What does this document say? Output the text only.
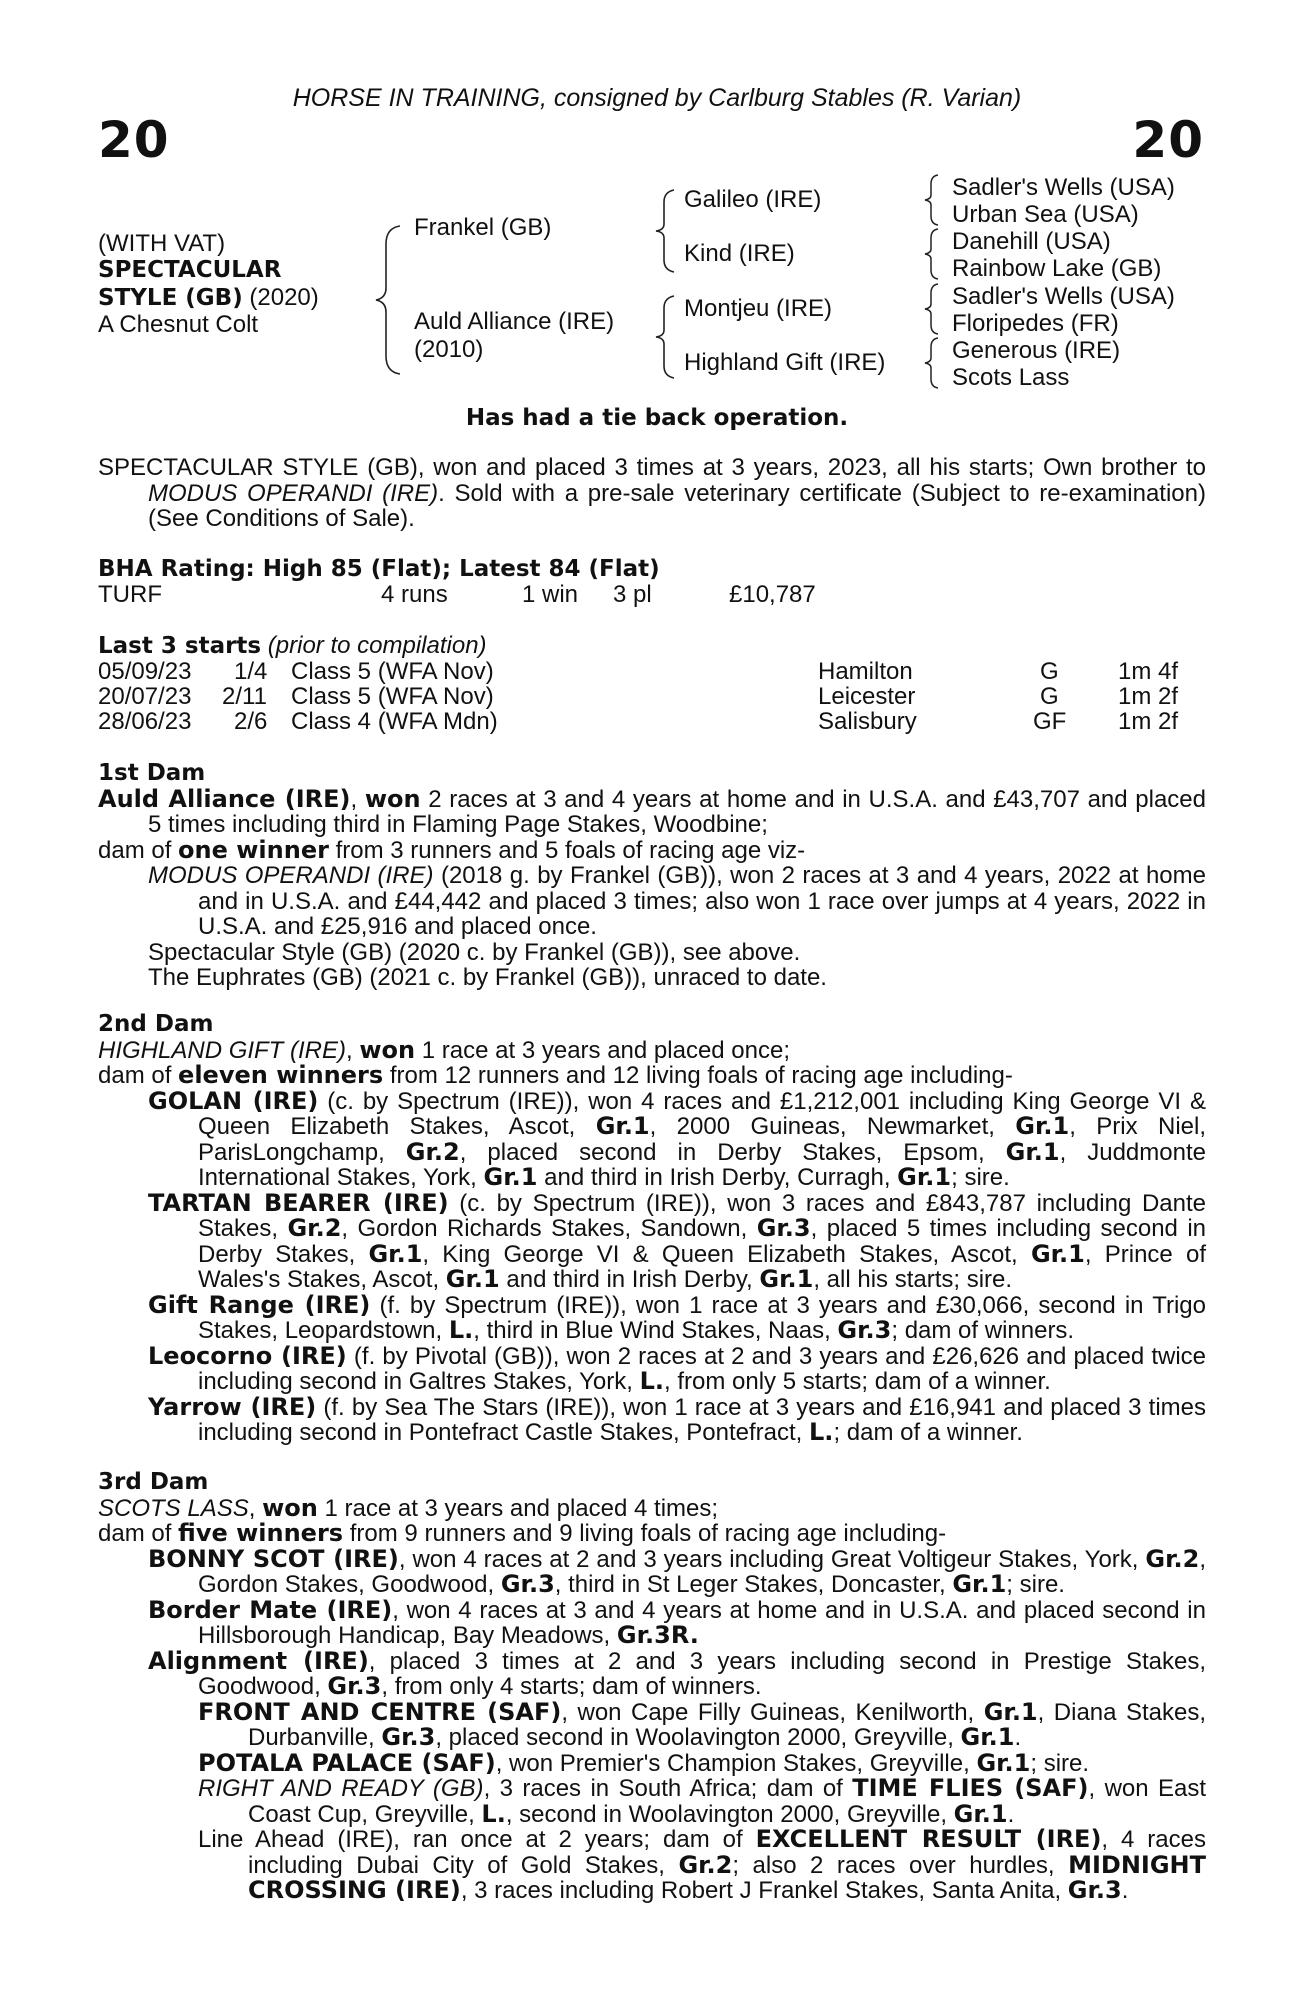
HORSE IN TRAINING, consigned by Carlburg Stables (R. Varian)
20	20
(WITH VAT)
SPECTACULAR
STYLE (GB) (2020)
A Chesnut Colt
Frankel (GB)
Auld Alliance (IRE)
(2010)
Galileo (IRE)
Kind (IRE)
Montjeu (IRE)
Highland Gift (IRE)
Sadler's Wells (USA)
Urban Sea (USA)
Danehill (USA)
Rainbow Lake (GB)
Sadler's Wells (USA)
Floripedes (FR)
Generous (IRE)
Scots Lass
Has had a tie back operation.

SPECTACULAR STYLE (GB), won and placed 3 times at 3 years, 2023, all his starts; Own brother to MODUS OPERANDI (IRE). Sold with a pre-sale veterinary certificate (Subject to re-examination) (See Conditions of Sale).

BHA Rating: High 85 (Flat); Latest 84 (Flat)
TURF	4 runs	1 win 3 pl	£10,787
Last 3 starts (prior to compilation)
05/09/23 1/4 Class 5 (WFA Nov)	Hamilton	G 1m 4f
20/07/23 2/11 Class 5 (WFA Nov)	Leicester	G 1m 2f
28/06/23 2/6 Class 4 (WFA Mdn)	Salisbury	GF 1m 2f

1st Dam

Auld Alliance (IRE), won 2 races at 3 and 4 years at home and in U.S.A. and £43,707 and placed 5 times including third in Flaming Page Stakes, Woodbine;

dam of one winner from 3 runners and 5 foals of racing age viz-

MODUS OPERANDI (IRE) (2018 g. by Frankel (GB)), won 2 races at 3 and 4 years, 2022 at home and in U.S.A. and £44,442 and placed 3 times; also won 1 race over jumps at 4 years, 2022 in U.S.A. and £25,916 and placed once.

Spectacular Style (GB) (2020 c. by Frankel (GB)), see above.

The Euphrates (GB) (2021 c. by Frankel (GB)), unraced to date.

2nd Dam

HIGHLAND GIFT (IRE), won 1 race at 3 years and placed once;

dam of eleven winners from 12 runners and 12 living foals of racing age including-

GOLAN (IRE) (c. by Spectrum (IRE)), won 4 races and £1,212,001 including King George VI & Queen Elizabeth Stakes, Ascot, Gr.1, 2000 Guineas, Newmarket, Gr.1, Prix Niel, ParisLongchamp, Gr.2, placed second in Derby Stakes, Epsom, Gr.1, Juddmonte International Stakes, York, Gr.1 and third in Irish Derby, Curragh, Gr.1; sire.

TARTAN BEARER (IRE) (c. by Spectrum (IRE)), won 3 races and £843,787 including Dante Stakes, Gr.2, Gordon Richards Stakes, Sandown, Gr.3, placed 5 times including second in Derby Stakes, Gr.1, King George VI & Queen Elizabeth Stakes, Ascot, Gr.1, Prince of Wales's Stakes, Ascot, Gr.1 and third in Irish Derby, Gr.1, all his starts; sire.

Gift Range (IRE) (f. by Spectrum (IRE)), won 1 race at 3 years and £30,066, second in Trigo Stakes, Leopardstown, L., third in Blue Wind Stakes, Naas, Gr.3; dam of winners.

Leocorno (IRE) (f. by Pivotal (GB)), won 2 races at 2 and 3 years and £26,626 and placed twice including second in Galtres Stakes, York, L., from only 5 starts; dam of a winner.

Yarrow (IRE) (f. by Sea The Stars (IRE)), won 1 race at 3 years and £16,941 and placed 3 times including second in Pontefract Castle Stakes, Pontefract, L.; dam of a winner.

3rd Dam

SCOTS LASS, won 1 race at 3 years and placed 4 times;

dam of five winners from 9 runners and 9 living foals of racing age including-

BONNY SCOT (IRE), won 4 races at 2 and 3 years including Great Voltigeur Stakes, York, Gr.2, Gordon Stakes, Goodwood, Gr.3, third in St Leger Stakes, Doncaster, Gr.1; sire.

Border Mate (IRE), won 4 races at 3 and 4 years at home and in U.S.A. and placed second in Hillsborough Handicap, Bay Meadows, Gr.3R.

Alignment (IRE), placed 3 times at 2 and 3 years including second in Prestige Stakes, Goodwood, Gr.3, from only 4 starts; dam of winners.

FRONT AND CENTRE (SAF), won Cape Filly Guineas, Kenilworth, Gr.1, Diana Stakes, Durbanville, Gr.3, placed second in Woolavington 2000, Greyville, Gr.1.

POTALA PALACE (SAF), won Premier's Champion Stakes, Greyville, Gr.1; sire.

RIGHT AND READY (GB), 3 races in South Africa; dam of TIME FLIES (SAF), won East Coast Cup, Greyville, L., second in Woolavington 2000, Greyville, Gr.1.

Line Ahead (IRE), ran once at 2 years; dam of EXCELLENT RESULT (IRE), 4 races including Dubai City of Gold Stakes, Gr.2; also 2 races over hurdles, MIDNIGHT CROSSING (IRE), 3 races including Robert J Frankel Stakes, Santa Anita, Gr.3.
